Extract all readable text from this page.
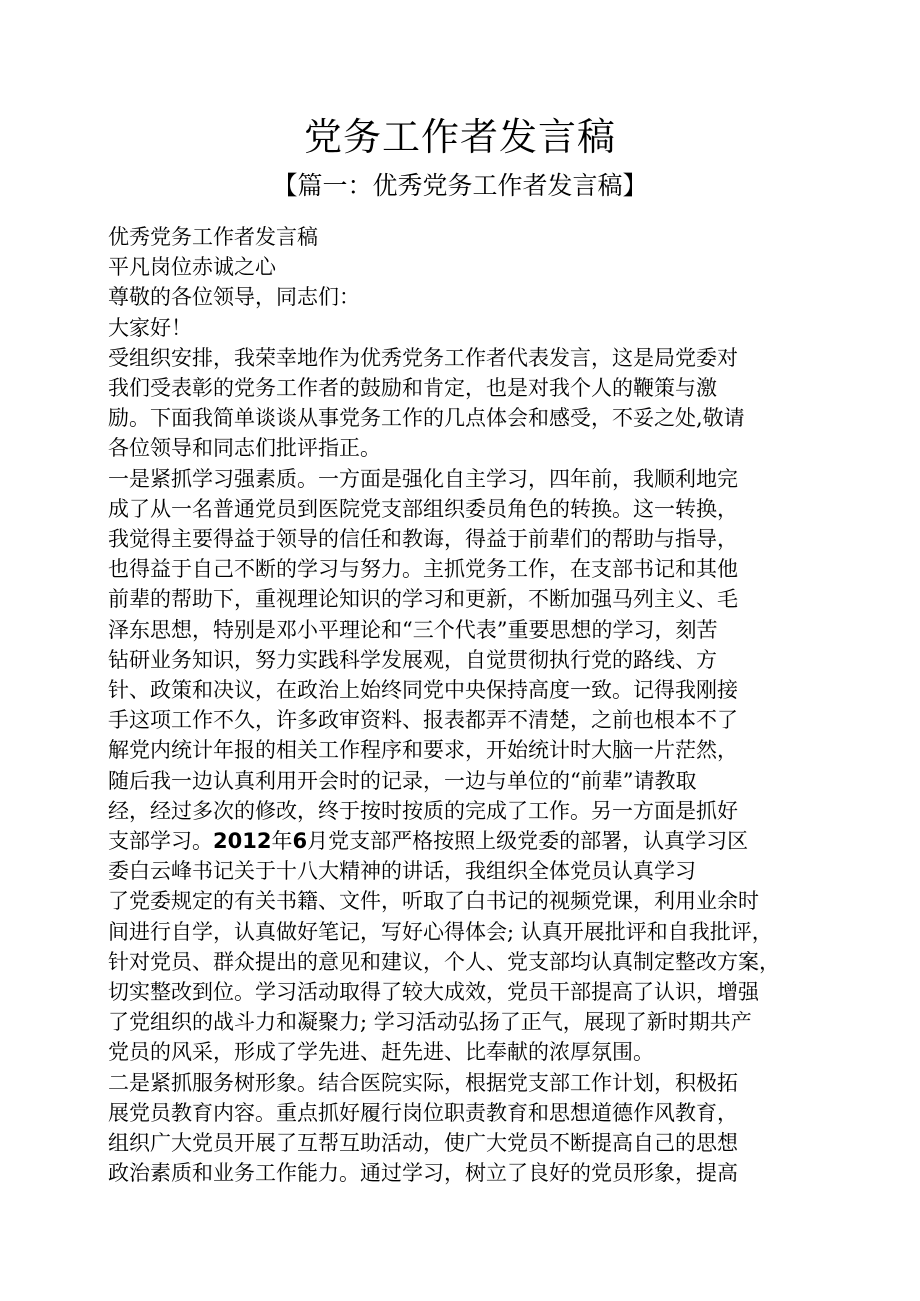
党务工作者发言稿
【篇一：优秀党务工作者发言稿】
优秀党务工作者发言稿
平凡岗位赤诚之心
尊敬的各位领导，同志们：
大家好！
受组织安排，我荣幸地作为优秀党务工作者代表发言，这是局党委对
我们受表彰的党务工作者的鼓励和肯定，也是对我个人的鞭策与激
励。下面我简单谈谈从事党务工作的几点体会和感受，不妥之处,敬请
各位领导和同志们批评指正。
一是紧抓学习强素质。一方面是强化自主学习，四年前，我顺利地完
成了从一名普通党员到医院党支部组织委员角色的转换。这一转换，
我觉得主要得益于领导的信任和教诲，得益于前辈们的帮助与指导，
也得益于自己不断的学习与努力。主抓党务工作，在支部书记和其他
前辈的帮助下，重视理论知识的学习和更新，不断加强马列主义、毛
泽东思想，特别是邓小平理论和“三个代表”重要思想的学习，刻苦
钻研业务知识，努力实践科学发展观，自觉贯彻执行党的路线、方
针、政策和决议，在政治上始终同党中央保持高度一致。记得我刚接
手这项工作不久，许多政审资料、报表都弄不清楚，之前也根本不了
解党内统计年报的相关工作程序和要求，开始统计时大脑一片茫然，
随后我一边认真利用开会时的记录，一边与单位的“前辈”请教取
经，经过多次的修改，终于按时按质的完成了工作。另一方面是抓好
支部学习。2012年6月党支部严格按照上级党委的部署，认真学习区
委白云峰书记关于十八大精神的讲话，我组织全体党员认真学习
了党委规定的有关书籍、文件，听取了白书记的视频党课，利用业余时
间进行自学，认真做好笔记，写好心得体会; 认真开展批评和自我批评，
针对党员、群众提出的意见和建议，个人、党支部均认真制定整改方案，
切实整改到位。学习活动取得了较大成效，党员干部提高了认识，增强
了党组织的战斗力和凝聚力; 学习活动弘扬了正气，展现了新时期共产
党员的风采，形成了学先进、赶先进、比奉献的浓厚氛围。
二是紧抓服务树形象。结合医院实际，根据党支部工作计划，积极拓
展党员教育内容。重点抓好履行岗位职责教育和思想道德作风教育，
组织广大党员开展了互帮互助活动，使广大党员不断提高自己的思想
政治素质和业务工作能力。通过学习，树立了良好的党员形象，提高
